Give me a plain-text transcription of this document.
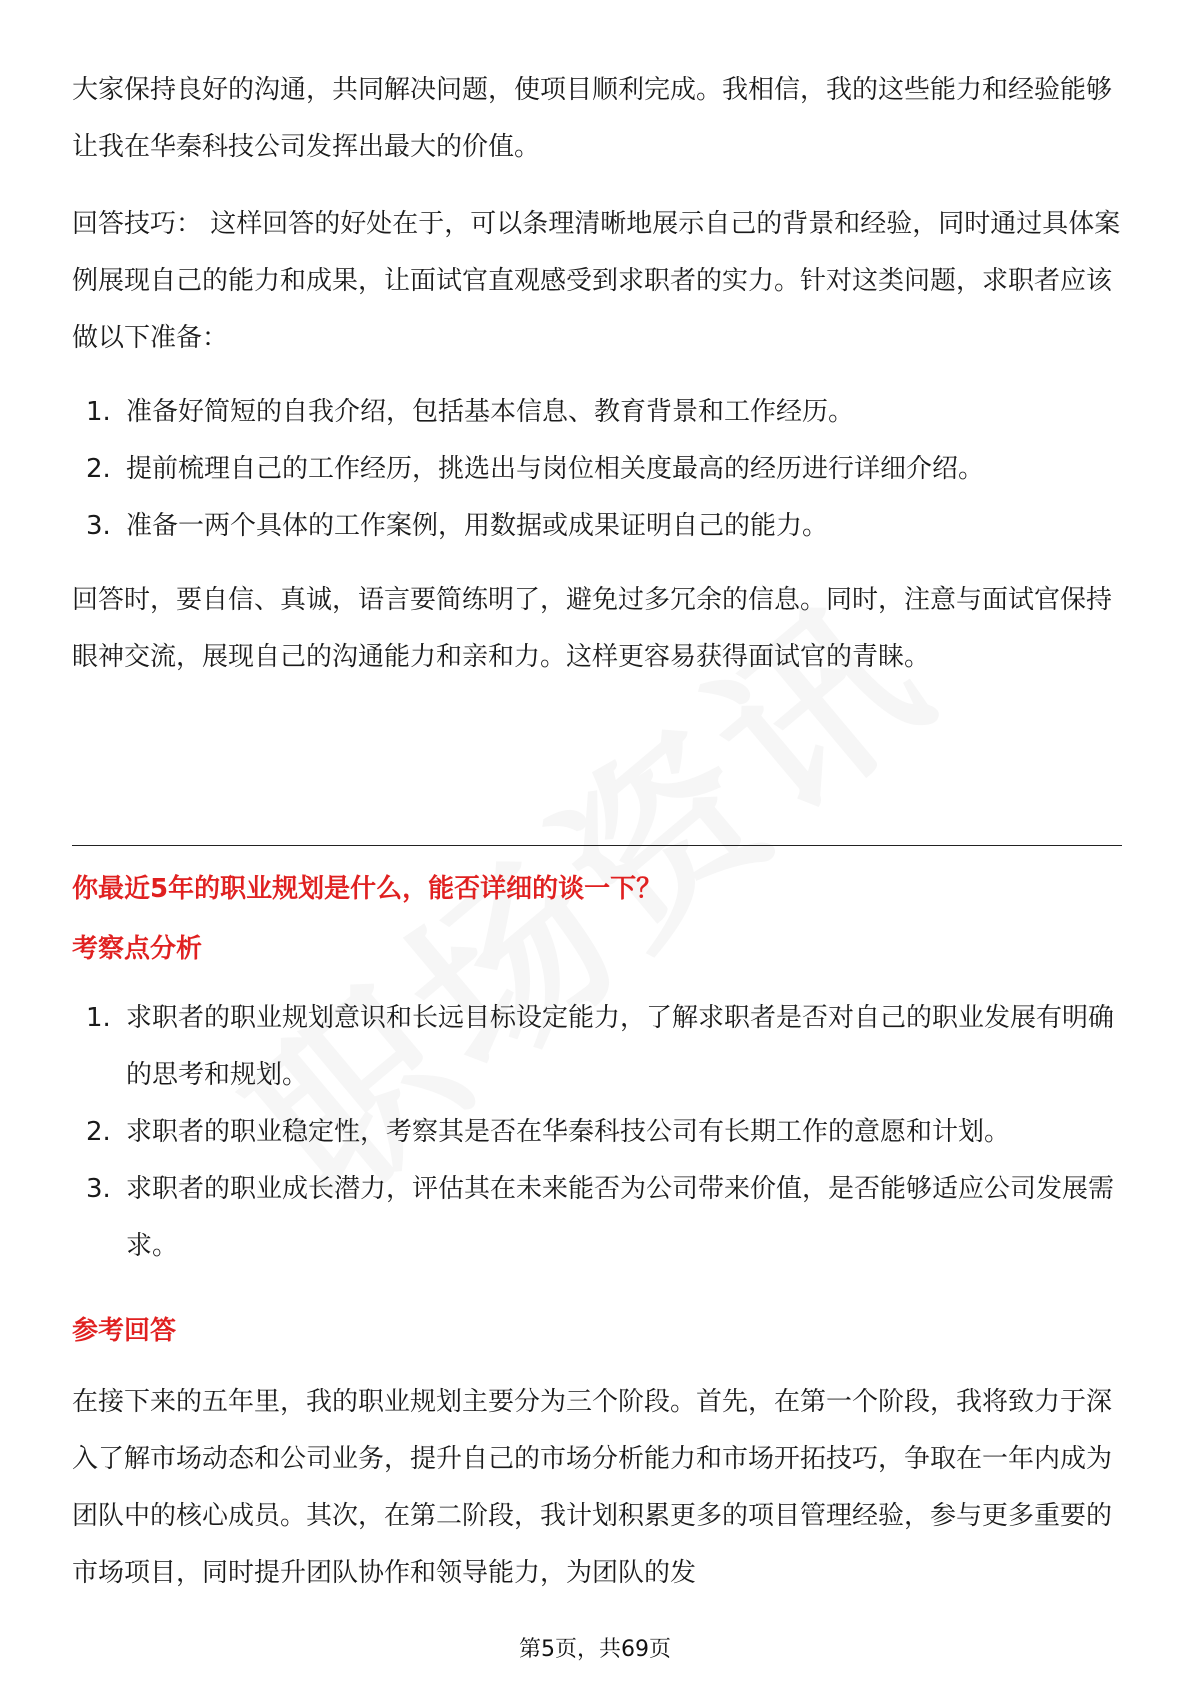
大家保持良好的沟通，共同解决问题，使项目顺利完成。我相信，我的这些能力和经验能够让我在华秦科技公司发挥出最大的价值。

回答技巧： 这样回答的好处在于，可以条理清晰地展示自己的背景和经验，同时通过具体案例展现自己的能力和成果，让面试官直观感受到求职者的实力。针对这类问题，求职者应该做以下准备：

1. 准备好简短的自我介绍，包括基本信息、教育背景和工作经历。
2. 提前梳理自己的工作经历，挑选出与岗位相关度最高的经历进行详细介绍。
3. 准备一两个具体的工作案例，用数据或成果证明自己的能力。

回答时，要自信、真诚，语言要简练明了，避免过多冗余的信息。同时，注意与面试官保持眼神交流，展现自己的沟通能力和亲和力。这样更容易获得面试官的青睐。

你最近5年的职业规划是什么，能否详细的谈一下？
考察点分析
1. 求职者的职业规划意识和长远目标设定能力，了解求职者是否对自己的职业发展有明确的思考和规划。
2. 求职者的职业稳定性，考察其是否在华秦科技公司有长期工作的意愿和计划。
3. 求职者的职业成长潜力，评估其在未来能否为公司带来价值，是否能够适应公司发展需求。
参考回答

在接下来的五年里，我的职业规划主要分为三个阶段。首先，在第一个阶段，我将致力于深入了解市场动态和公司业务，提升自己的市场分析能力和市场开拓技巧，争取在一年内成为团队中的核心成员。其次，在第二阶段，我计划积累更多的项目管理经验，参与更多重要的市场项目，同时提升团队协作和领导能力，为团队的发

第5页，共69页
